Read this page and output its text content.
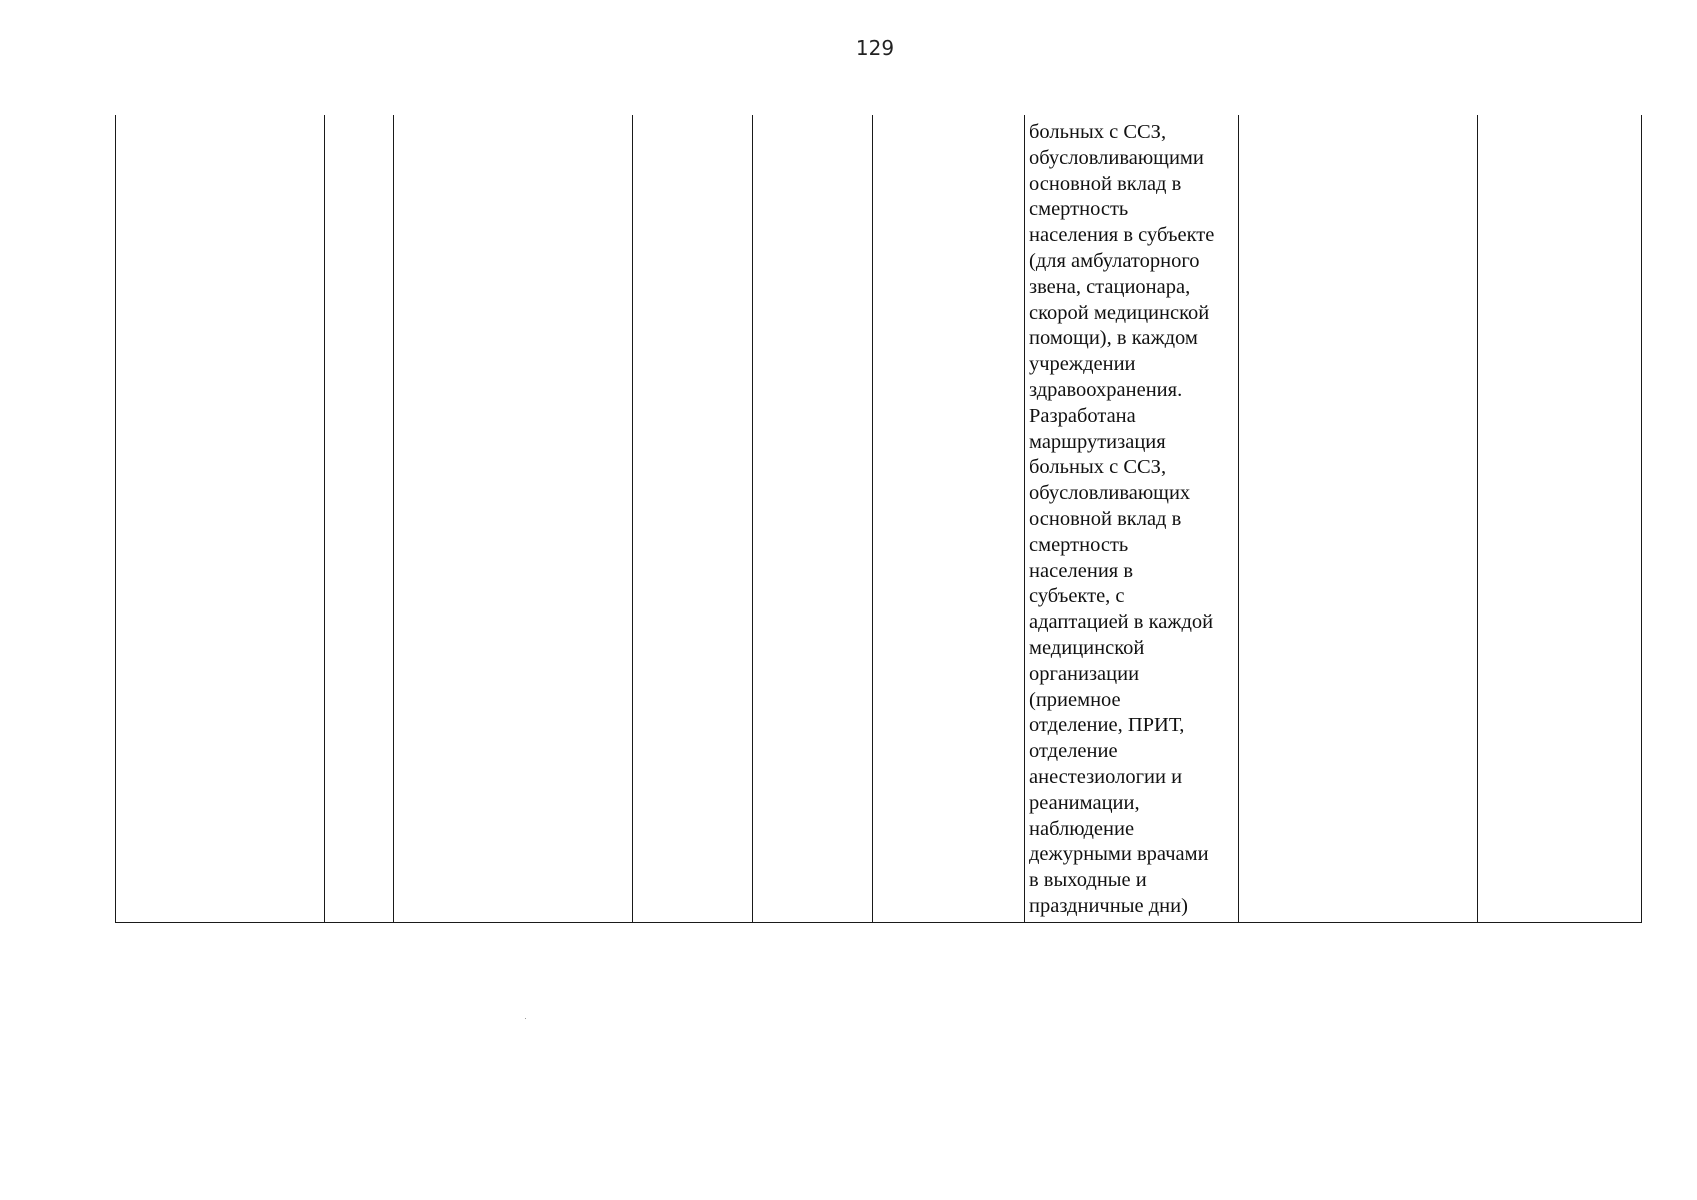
129
больных с ССЗ,
обусловливающими
основной вклад в
смертность
населения в субъекте
(для амбулаторного
звена, стационара,
скорой медицинской
помощи), в каждом
учреждении
здравоохранения.
Разработана
маршрутизация
больных с ССЗ,
обусловливающих
основной вклад в
смертность
населения в
субъекте, с
адаптацией в каждой
медицинской
организации
(приемное
отделение, ПРИТ,
отделение
анестезиологии и
реанимации,
наблюдение
дежурными врачами
в выходные и
праздничные дни)
